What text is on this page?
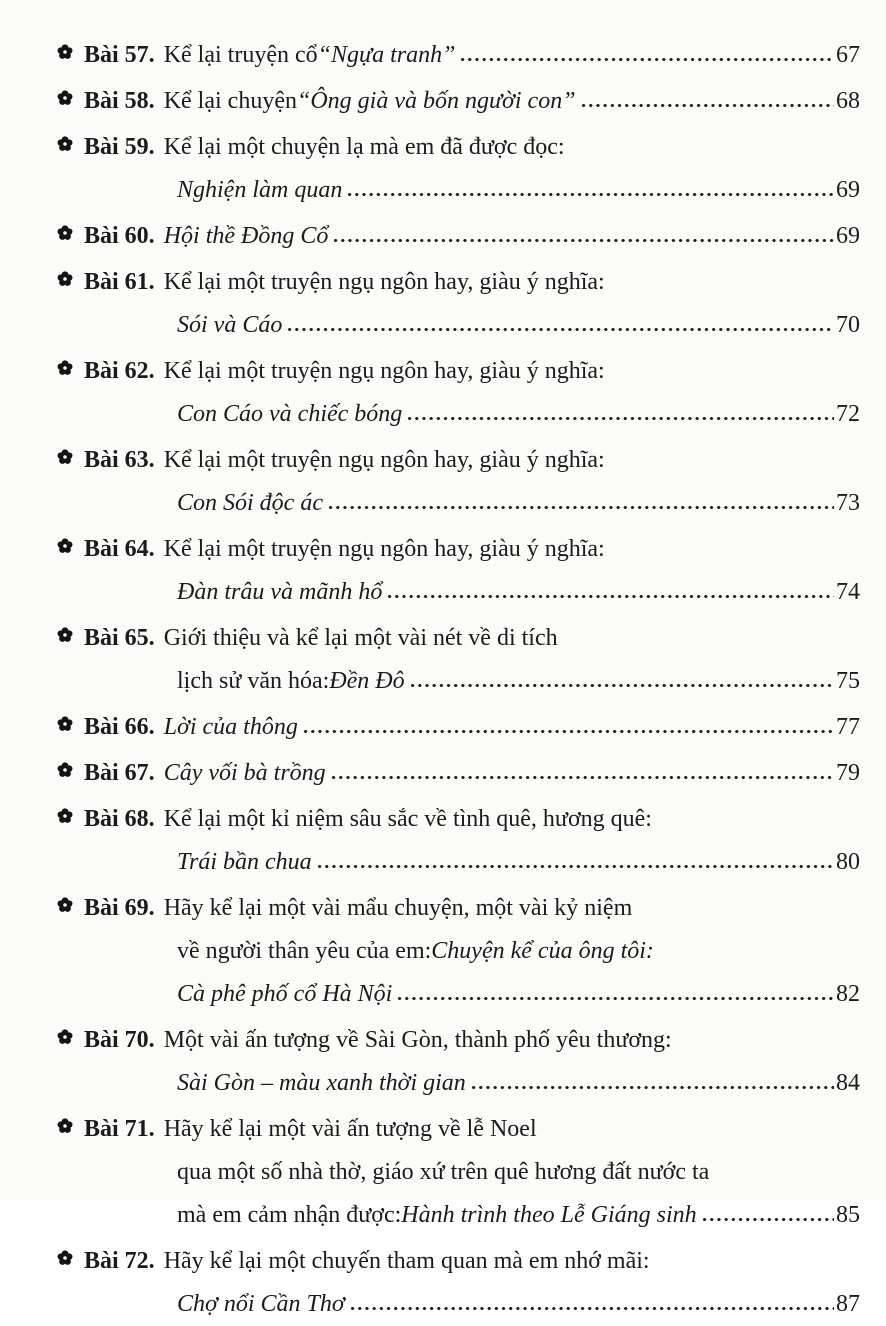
Bài 57. Kể lại truyện cổ “Ngựa tranh”	67
Bài 58. Kể lại chuyện “Ông già và bốn người con”	68
Bài 59. Kể lại một chuyện lạ mà em đã được đọc:
Nghiện làm quan	69
Bài 60. Hội thề Đồng Cổ	69
Bài 61. Kể lại một truyện ngụ ngôn hay, giàu ý nghĩa:
Sói và Cáo	70
Bài 62. Kể lại một truyện ngụ ngôn hay, giàu ý nghĩa:
Con Cáo và chiếc bóng	72
Bài 63. Kể lại một truyện ngụ ngôn hay, giàu ý nghĩa:
Con Sói độc ác	73
Bài 64. Kể lại một truyện ngụ ngôn hay, giàu ý nghĩa:
Đàn trâu và mãnh hổ	74
Bài 65. Giới thiệu và kể lại một vài nét về di tích
lịch sử văn hóa: Đền Đô	75
Bài 66. Lời của thông	77
Bài 67. Cây vối bà trồng	79
Bài 68. Kể lại một kỉ niệm sâu sắc về tình quê, hương quê:
Trái bần chua	80
Bài 69. Hãy kể lại một vài mẩu chuyện, một vài kỷ niệm
về người thân yêu của em: Chuyện kể của ông tôi:
Cà phê phố cổ Hà Nội	82
Bài 70. Một vài ấn tượng về Sài Gòn, thành phố yêu thương:
Sài Gòn – màu xanh thời gian	84
Bài 71. Hãy kể lại một vài ấn tượng về lễ Noel
qua một số nhà thờ, giáo xứ trên quê hương đất nước ta
mà em cảm nhận được: Hành trình theo Lễ Giáng sinh	85
Bài 72. Hãy kể lại một chuyến tham quan mà em nhớ mãi:
Chợ nổi Cần Thơ	87
